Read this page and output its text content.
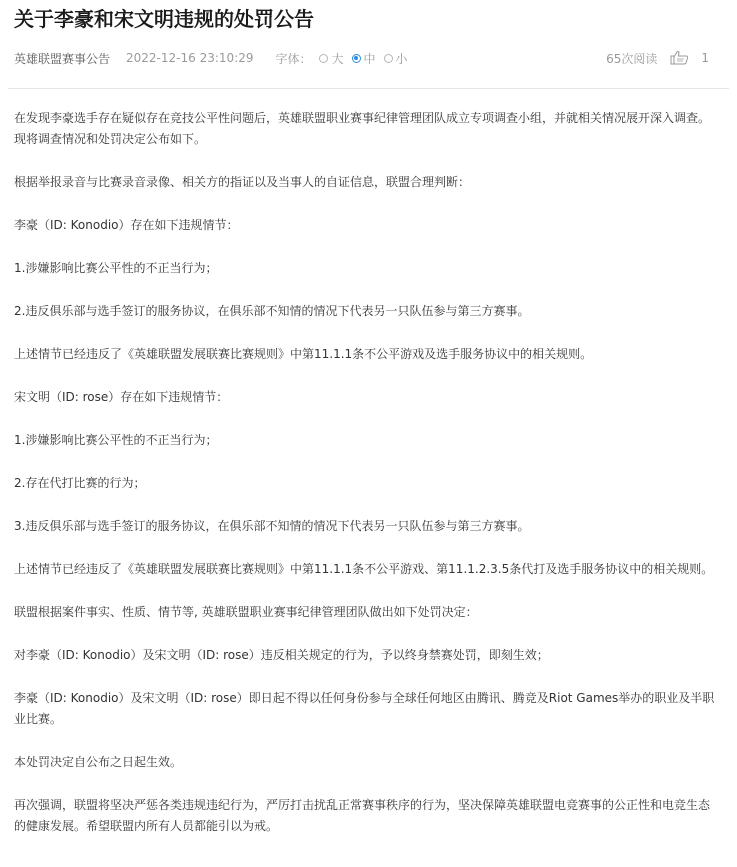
关于李豪和宋文明违规的处罚公告
英雄联盟赛事公告 2022-12-16 23:10:29 字体： 大 中 小	65次阅读	1

在发现李豪选手存在疑似存在竞技公平性问题后，英雄联盟职业赛事纪律管理团队成立专项调查小组，并就相关情况展开深入调查。现将调查情况和处罚决定公布如下。

根据举报录音与比赛录音录像、相关方的指证以及当事人的自证信息，联盟合理判断：

李豪（ID: Konodio）存在如下违规情节：

1.涉嫌影响比赛公平性的不正当行为；

2.违反俱乐部与选手签订的服务协议，在俱乐部不知情的情况下代表另一只队伍参与第三方赛事。

上述情节已经违反了《英雄联盟发展联赛比赛规则》中第11.1.1条不公平游戏及选手服务协议中的相关规则。

宋文明（ID: rose）存在如下违规情节：

1.涉嫌影响比赛公平性的不正当行为；

2.存在代打比赛的行为；

3.违反俱乐部与选手签订的服务协议，在俱乐部不知情的情况下代表另一只队伍参与第三方赛事。

上述情节已经违反了《英雄联盟发展联赛比赛规则》中第11.1.1条不公平游戏、第11.1.2.3.5条代打及选手服务协议中的相关规则。

联盟根据案件事实、性质、情节等, 英雄联盟职业赛事纪律管理团队做出如下处罚决定：

对李豪（ID: Konodio）及宋文明（ID: rose）违反相关规定的行为，予以终身禁赛处罚，即刻生效；

李豪（ID: Konodio）及宋文明（ID: rose）即日起不得以任何身份参与全球任何地区由腾讯、腾竞及Riot Games举办的职业及半职业比赛。

本处罚决定自公布之日起生效。

再次强调，联盟将坚决严惩各类违规违纪行为，严厉打击扰乱正常赛事秩序的行为，坚决保障英雄联盟电竞赛事的公正性和电竞生态的健康发展。希望联盟内所有人员都能引以为戒。
